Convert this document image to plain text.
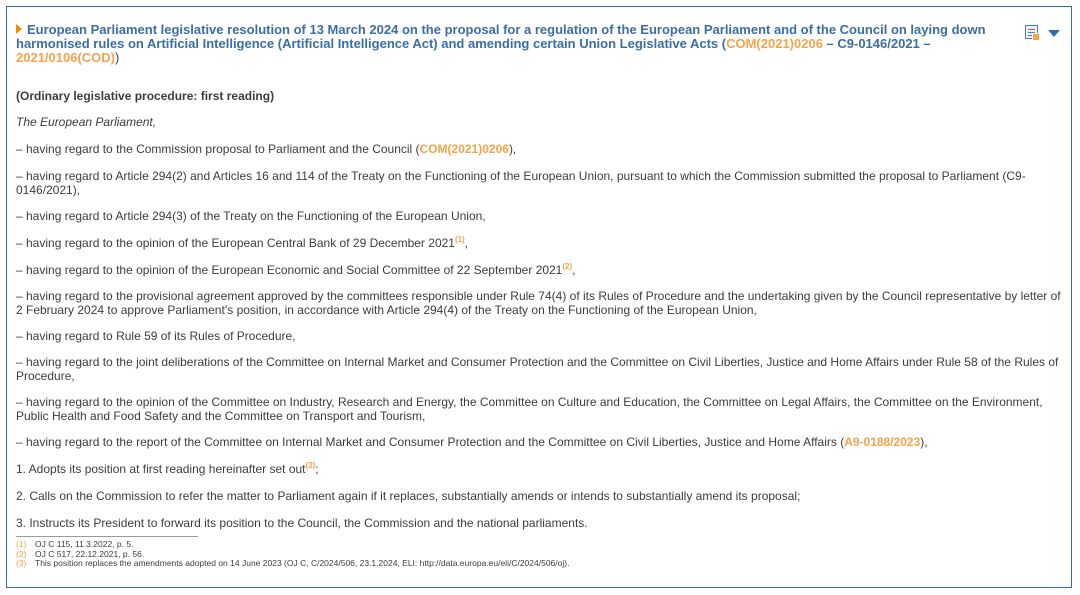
European Parliament legislative resolution of 13 March 2024 on the proposal for a regulation of the European Parliament and of the Council on laying down harmonised rules on Artificial Intelligence (Artificial Intelligence Act) and amending certain Union Legislative Acts (COM(2021)0206 – C9-0146/2021 – 2021/0106(COD))

(Ordinary legislative procedure: first reading)

The European Parliament,

– having regard to the Commission proposal to Parliament and the Council (COM(2021)0206),

– having regard to Article 294(2) and Articles 16 and 114 of the Treaty on the Functioning of the European Union, pursuant to which the Commission submitted the proposal to Parliament (C9-0146/2021),

– having regard to Article 294(3) of the Treaty on the Functioning of the European Union,

– having regard to the opinion of the European Central Bank of 29 December 2021$^{(1)}$,

– having regard to the opinion of the European Economic and Social Committee of 22 September 2021$^{(2)}$,

– having regard to the provisional agreement approved by the committees responsible under Rule 74(4) of its Rules of Procedure and the undertaking given by the Council representative by letter of 2 February 2024 to approve Parliament’s position, in accordance with Article 294(4) of the Treaty on the Functioning of the European Union,

– having regard to Rule 59 of its Rules of Procedure,

– having regard to the joint deliberations of the Committee on Internal Market and Consumer Protection and the Committee on Civil Liberties, Justice and Home Affairs under Rule 58 of the Rules of Procedure,

– having regard to the opinion of the Committee on Industry, Research and Energy, the Committee on Culture and Education, the Committee on Legal Affairs, the Committee on the Environment, Public Health and Food Safety and the Committee on Transport and Tourism,

– having regard to the report of the Committee on Internal Market and Consumer Protection and the Committee on Civil Liberties, Justice and Home Affairs (A9-0188/2023),

1. Adopts its position at first reading hereinafter set out$^{(3)}$;

2. Calls on the Commission to refer the matter to Parliament again if it replaces, substantially amends or intends to substantially amend its proposal;

3. Instructs its President to forward its position to the Council, the Commission and the national parliaments.

(1) OJ C 115, 11.3.2022, p. 5.
(2) OJ C 517, 22.12.2021, p. 56.
(3) This position replaces the amendments adopted on 14 June 2023 (OJ C, C/2024/506, 23.1.2024, ELI: http://data.europa.eu/eli/C/2024/506/oj).
